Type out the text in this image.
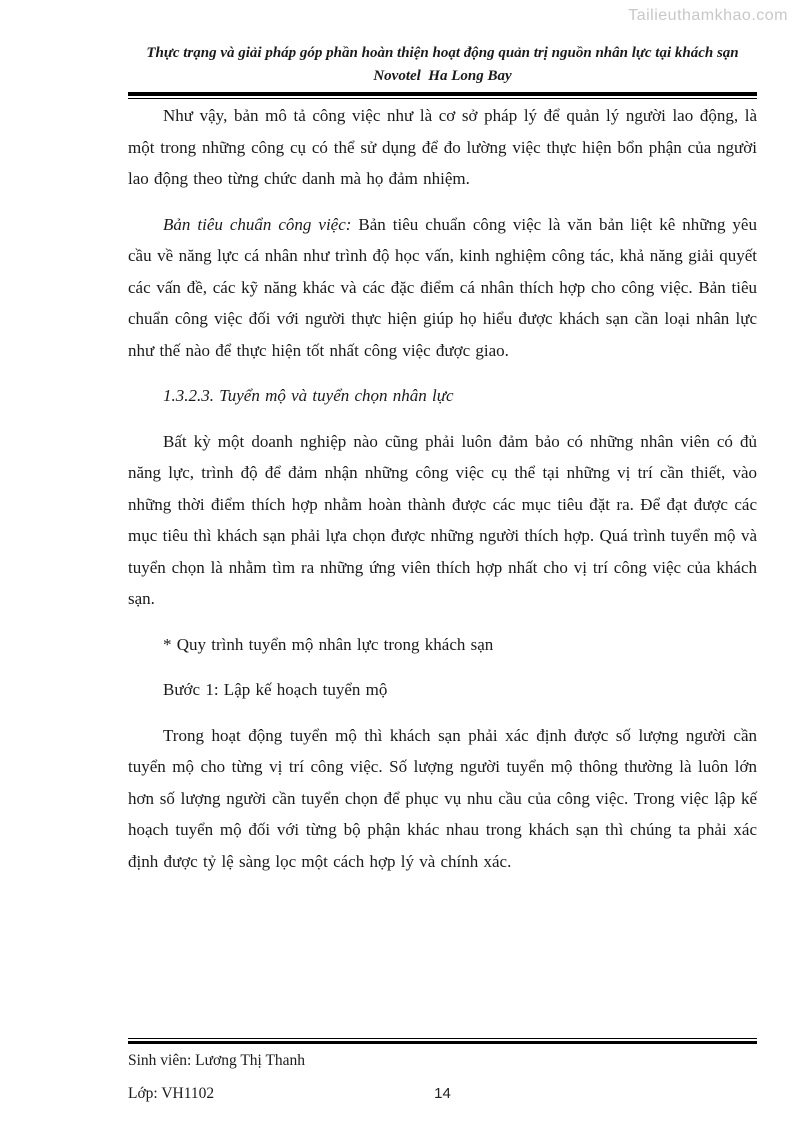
Tailieuthamkhao.com
Thực trạng và giải pháp góp phần hoàn thiện hoạt động quản trị nguồn nhân lực tại khách sạn
Novotel  Ha Long Bay

Như vậy, bản mô tả công việc như là cơ sở pháp lý để quản lý người lao động, là một trong những công cụ có thể sử dụng để đo lường việc thực hiện bổn phận của người lao động theo từng chức danh mà họ đảm nhiệm.

Bản tiêu chuẩn công việc: Bản tiêu chuẩn công việc là văn bản liệt kê những yêu cầu về năng lực cá nhân như trình độ học vấn, kinh nghiệm công tác, khả năng giải quyết các vấn đề, các kỹ năng khác và các đặc điểm cá nhân thích hợp cho công việc. Bản tiêu chuẩn công việc đối với người thực hiện giúp họ hiểu được khách sạn cần loại nhân lực như thế nào để thực hiện tốt nhất công việc được giao.

1.3.2.3. Tuyển mộ và tuyển chọn nhân lực

Bất kỳ một doanh nghiệp nào cũng phải luôn đảm bảo có những nhân viên có đủ năng lực, trình độ để đảm nhận những công việc cụ thể tại những vị trí cần thiết, vào những thời điểm thích hợp nhằm hoàn thành được các mục tiêu đặt ra. Để đạt được các mục tiêu thì khách sạn phải lựa chọn được những người thích hợp. Quá trình tuyển mộ và tuyển chọn là nhằm tìm ra những ứng viên thích hợp nhất cho vị trí công việc của khách sạn.

* Quy trình tuyển mộ nhân lực trong khách sạn

Bước 1: Lập kế hoạch tuyển mộ

Trong hoạt động tuyển mộ thì khách sạn phải xác định được số lượng người cần tuyển mộ cho từng vị trí công việc. Số lượng người tuyển mộ thông thường là luôn lớn hơn số lượng người cần tuyển chọn để phục vụ nhu cầu của công việc. Trong việc lập kế hoạch tuyển mộ đối với từng bộ phận khác nhau trong khách sạn thì chúng ta phải xác định được tỷ lệ sàng lọc một cách hợp lý và chính xác.

Sinh viên: Lương Thị Thanh
Lớp: VH1102	14
